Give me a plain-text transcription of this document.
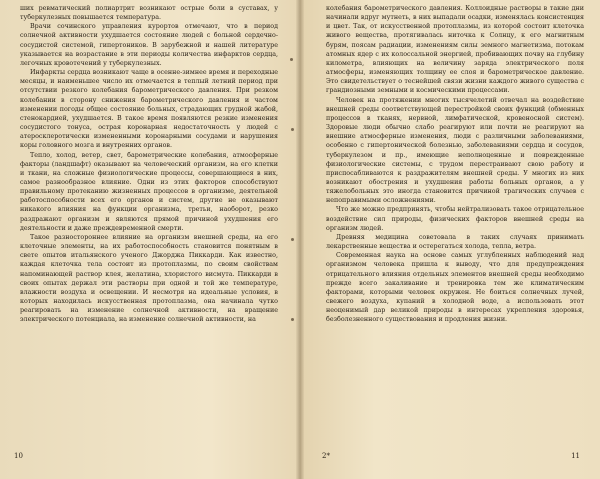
ших ревматический полиартрит возникают острые боли в суставах, у туберкулезных повышается температура.

Врачи сочинского управления курортов отмечают, что в период солнечной активности ухудшается состояние людей с больной сердечно-сосудистой системой, гипертоников. В зарубежной и нашей литературе указывается на возрастание в эти периоды количества инфарктов сердца, легочных кровотечений у туберкулезных.

Инфаркты сердца возникают чаще в осенне-зимнее время и переходные месяцы, и наименьшее число их отмечается в теплый летний период при отсутствии резкого колебания барометрического давления. При резком колебании в сторону снижения барометрического давления и частом изменении погоды общее состояние больных, страдающих грудной жабой, стенокардией, ухудшается. В такое время появляются резкие изменения сосудистого тонуса, острая коронарная недостаточность у людей с атеросклеротически измененными коронарными сосудами и нарушения коры головного мозга и внутренних органов.

Тепло, холод, ветер, свет, барометрические колебания, атмосферные факторы (ландшафт) оказывают на человеческий организм, на его клетки и ткани, на сложные физиологические процессы, совершающиеся в них, самое разнообразное влияние. Одни из этих факторов способствуют правильному протеканию жизненных процессов в организме, деятельной работоспособности всех его органов и систем, другие не оказывают никакого влияния на функции организма, третьи, наоборот, резко раздражают организм и являются прямой причиной ухудшения его деятельности и даже преждевременной смерти.

Такое разностороннее влияние на организм внешней среды, на его клеточные элементы, на их работоспособность становится понятным в свете опытов итальянского ученого Джорджа Пиккарди. Как известно, каждая клеточка тела состоит из протоплазмы, по своим свойствам напоминающей раствор клея, желатина, хлористого висмута. Пиккарди в своих опытах держал эти растворы при одной и той же температуре, влажности воздуха и освещении. И несмотря на идеальные условия, в которых находилась искусственная протоплазма, она начинала чутко реагировать на изменение солнечной активности, на вращение электрического потенциала, на изменение солнечной активности, на

10

колебания барометрического давления. Коллоидные растворы в такие дни начинали вдруг мутнеть, в них выпадали осадки, изменялась консистенция и цвет. Так, от искусственной протоплазмы, из которой состоит клеточка живого вещества, протягивалась ниточка к Солнцу, к его магнитным бурям, поясам радиации, изменениям силы земного магнетизма, потокам атомных ядер с их колоссальной энергией, пробивающих почву на глубину километра, влияющих на величину заряда электрического поля атмосферы, изменяющих толщину ее слоя и барометрическое давление. Это свидетельствует о теснейшей связи жизни каждого живого существа с грандиозными земными и космическими процессами.

Человек на протяжении многих тысячелетий отвечал на воздействие внешней среды соответствующей перестройкой своих функций (обменных процессов в тканях, нервной, лимфатической, кровеносной систем). Здоровые люди обычно слабо реагируют или почти не реагируют на внешние атмосферные изменения, люди с различными заболеваниями, особенно с гипертонической болезнью, заболеваниями сердца и сосудов, туберкулезом и пр., имеющие неполноценные и поврежденные физиологические системы, с трудом перестраивают свою работу и приспосабливаются к раздражителям внешней среды. У многих из них возникают обострения и ухудшения работы больных органов, а у тяжелобольных это иногда становится причиной трагических случаев с непоправимыми осложнениями.

Что же можно предпринять, чтобы нейтрализовать такое отрицательное воздействие сил природы, физических факторов внешней среды на организм людей.

Древняя медицина советовала в таких случаях принимать лекарственные вещества и остерегаться холода, тепла, ветра.

Современная наука на основе самых углубленных наблюдений над организмом человека пришла к выводу, что для предупреждения отрицательного влияния отдельных элементов внешней среды необходимо прежде всего закаливание и тренировка тем же климатическим факторами, которыми человек окружен. Не боиться солнечных лучей, свежего воздуха, купаний в холодной воде, а использовать этот неоценимый дар великой природы в интересах укрепления здоровья, безболезненного существования и продления жизни.

2*	11
